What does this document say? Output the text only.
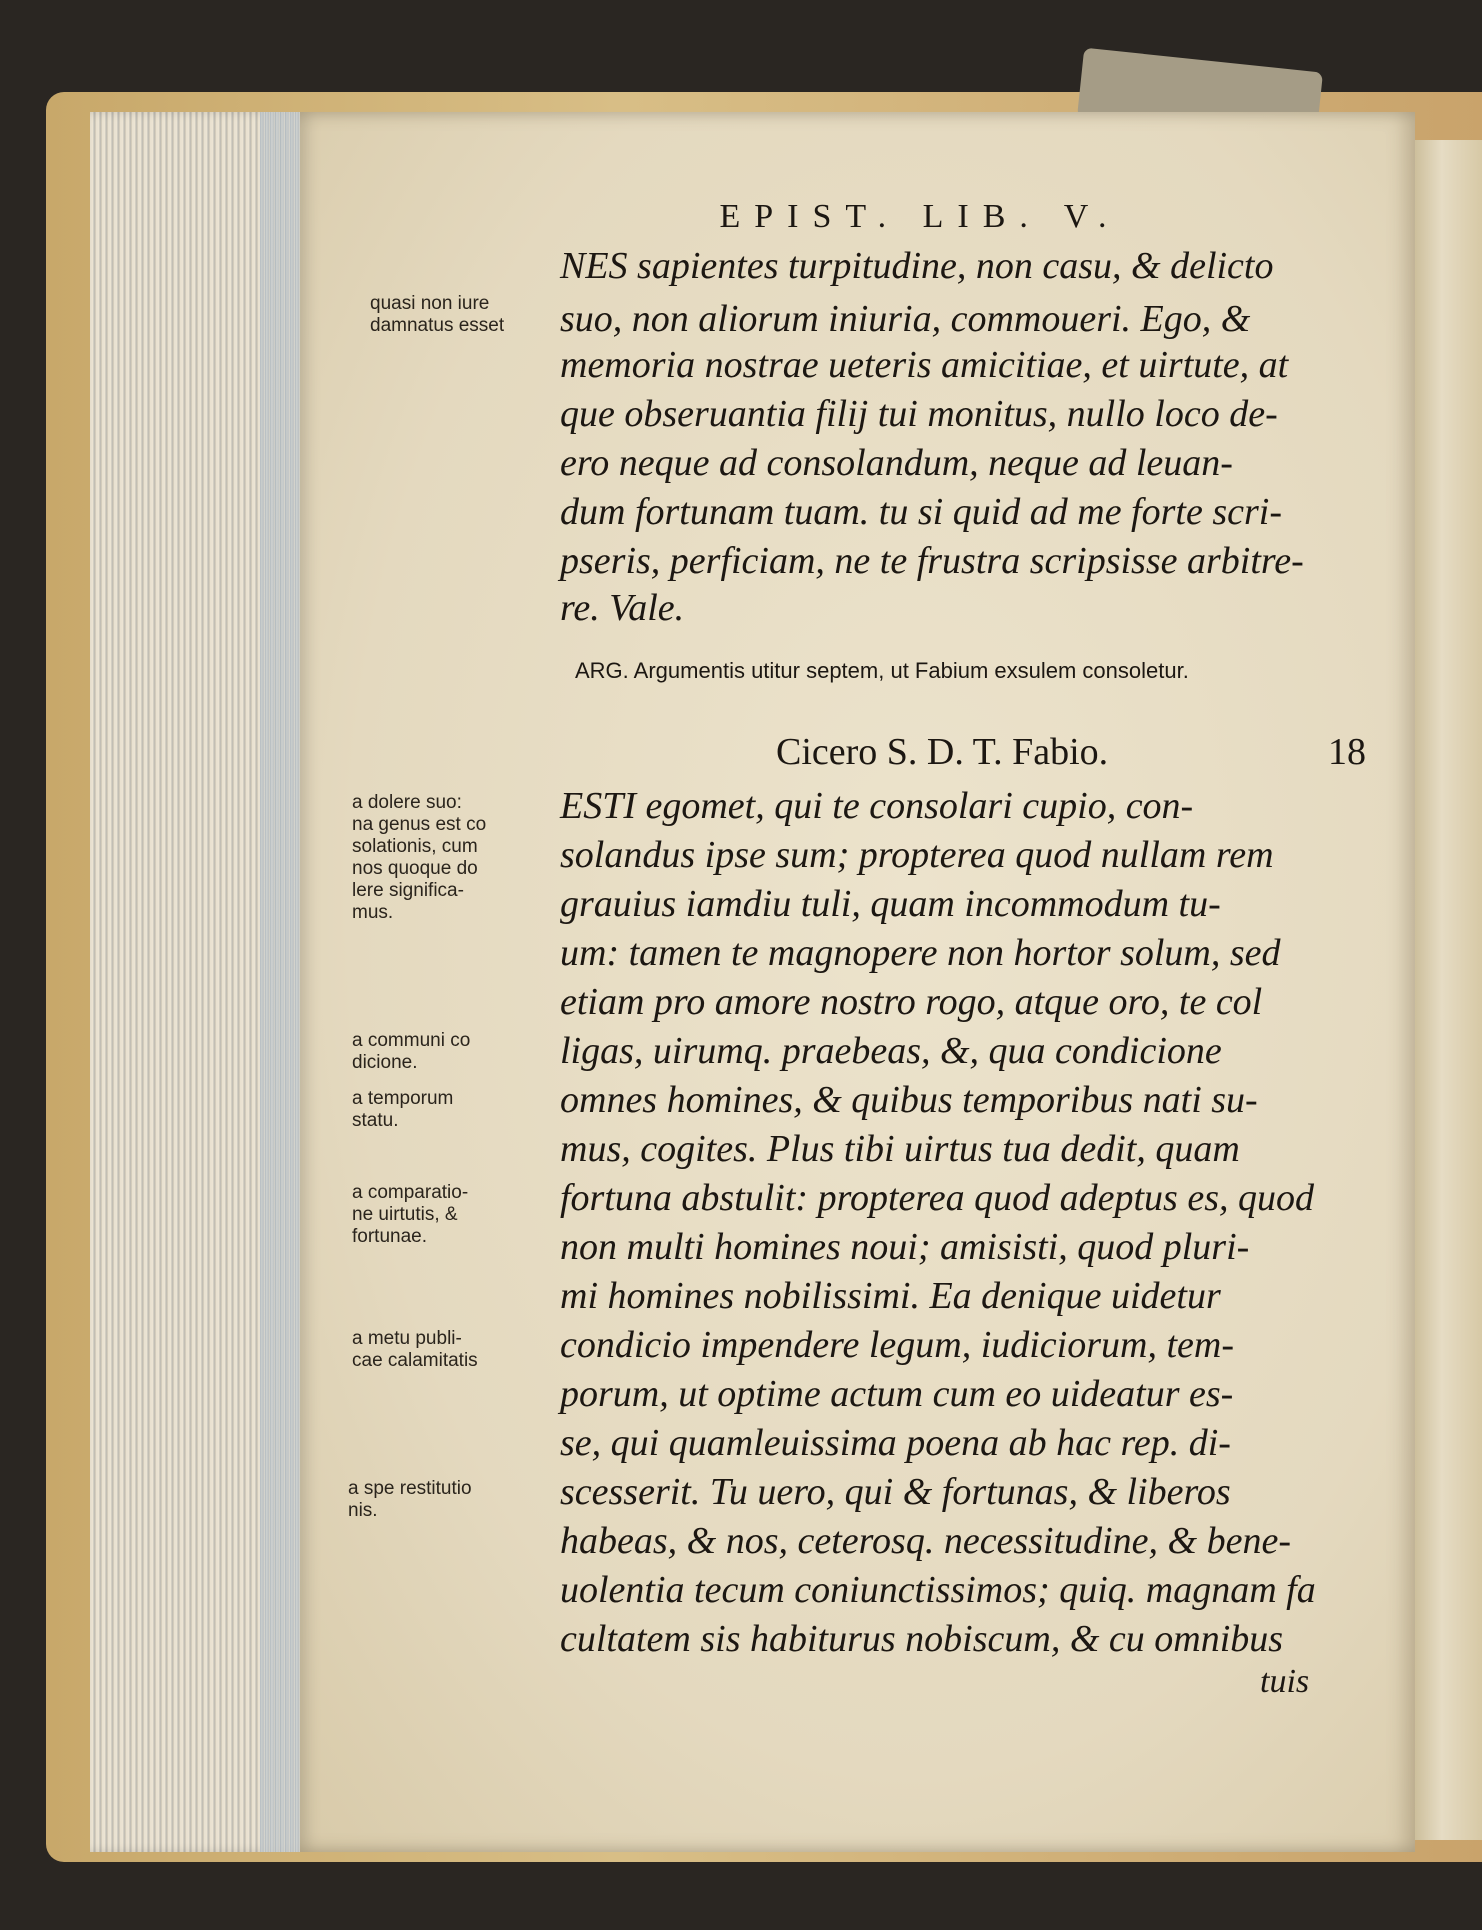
EPIST. LIB. V.
NES sapientes turpitudine, non casu, & delicto
suo, non aliorum iniuria, commoueri. Ego, &
memoria nostrae ueteris amicitiae, et uirtute, at
que obseruantia filij tui monitus, nullo loco de-
ero neque ad consolandum, neque ad leuan-
dum fortunam tuam. tu si quid ad me forte scri-
pseris, perficiam, ne te frustra scripsisse arbitre-
re. Vale.
ARG. Argumentis utitur septem, ut Fabium exsulem consoletur.
Cicero S. D. T. Fabio.	18
ESTI egomet, qui te consolari cupio, con-
solandus ipse sum; propterea quod nullam rem
grauius iamdiu tuli, quam incommodum tu-
um: tamen te magnopere non hortor solum, sed
etiam pro amore nostro rogo, atque oro, te col
ligas, uirumq. praebeas, &, qua condicione
omnes homines, & quibus temporibus nati su-
mus, cogites. Plus tibi uirtus tua dedit, quam
fortuna abstulit: propterea quod adeptus es, quod
non multi homines noui; amisisti, quod pluri-
mi homines nobilissimi. Ea denique uidetur
condicio impendere legum, iudiciorum, tem-
porum, ut optime actum cum eo uideatur es-
se, qui quamleuissima poena ab hac rep. di-
scesserit. Tu uero, qui & fortunas, & liberos
habeas, & nos, ceterosq. necessitudine, & bene-
uolentia tecum coniunctissimos; quiq. magnam fa
cultatem sis habiturus nobiscum, & cu omnibus
tuis
quasi non iure
damnatus esset
a dolere suo:
na genus est co
solationis, cum
nos quoque do
lere significa-
mus.
a communi co
dicione.
a temporum
statu.
a comparatio-
ne uirtutis, &
fortunae.
a metu publi-
cae calamitatis
a spe restitutio
nis.
